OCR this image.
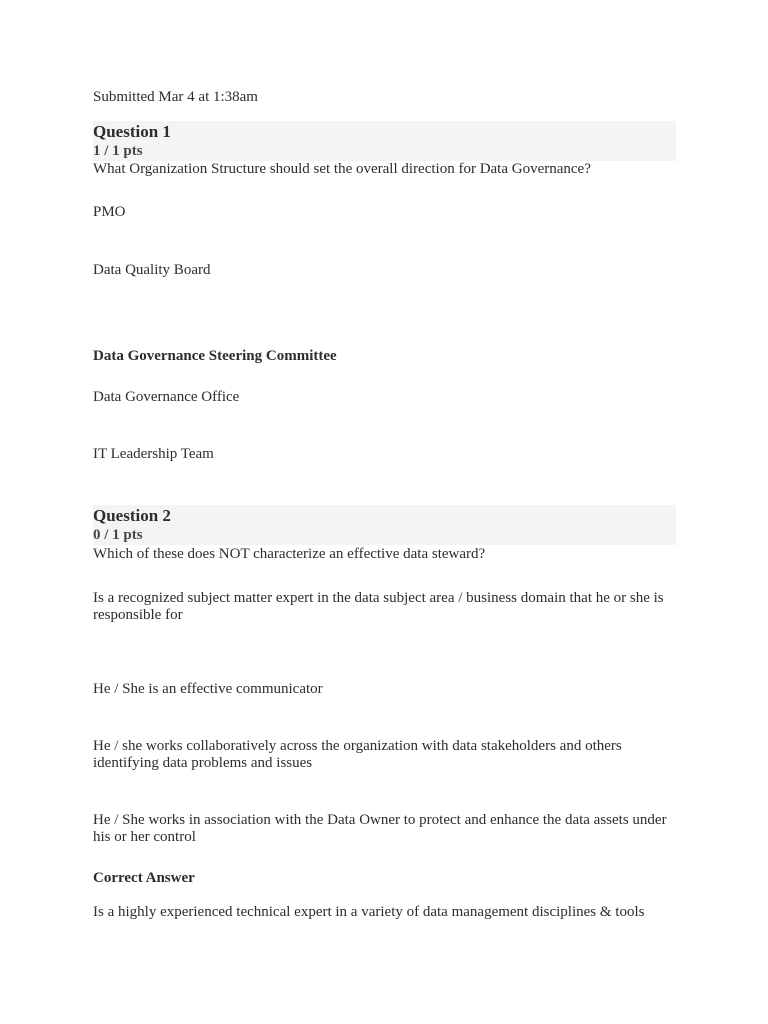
Submitted Mar 4 at 1:38am
Question 1
1 / 1 pts
What Organization Structure should set the overall direction for Data Governance?
PMO
Data Quality Board
Data Governance Steering Committee
Data Governance Office
IT Leadership Team
Question 2
0 / 1 pts
Which of these does NOT characterize an effective data steward?
Is a recognized subject matter expert in the data subject area / business domain that he or she is responsible for
He / She is an effective communicator
He / she works collaboratively across the organization with data stakeholders and others identifying data problems and issues
He / She works in association with the Data Owner to protect and enhance the data assets under his or her control
Correct Answer
Is a highly experienced technical expert in a variety of data management disciplines & tools
